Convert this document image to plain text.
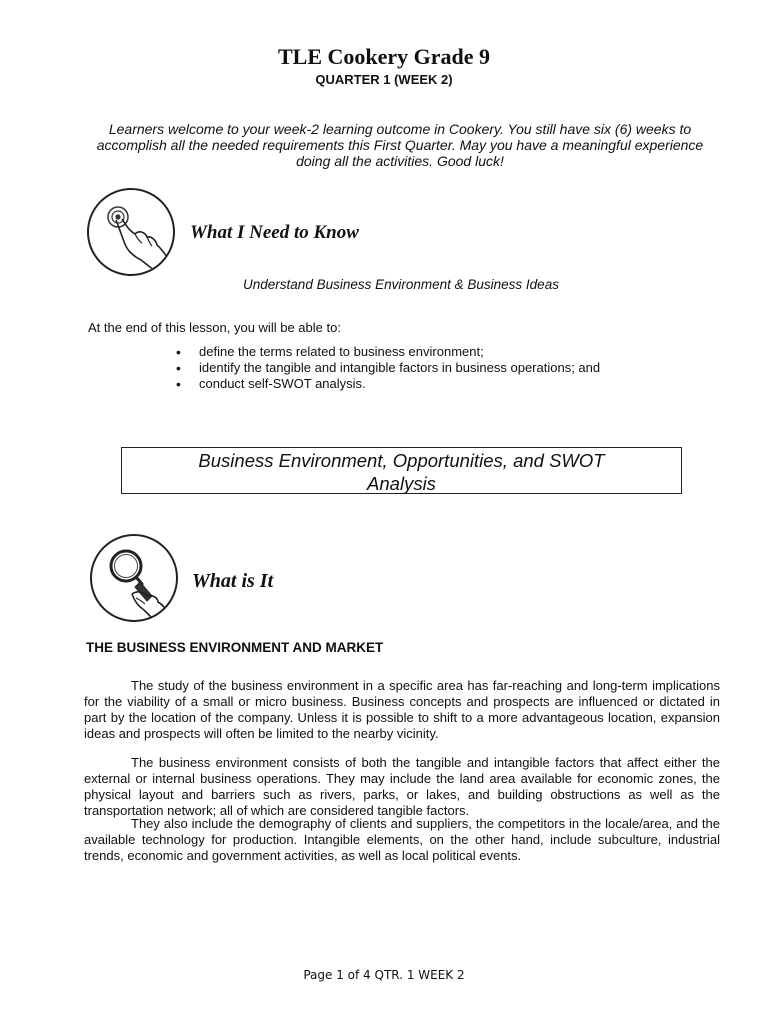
TLE Cookery Grade 9
QUARTER 1 (WEEK 2)
Learners welcome to your week-2 learning outcome in Cookery. You still have six (6) weeks to accomplish all the needed requirements this First Quarter. May you have a meaningful experience doing all the activities. Good luck!
What I Need to Know
Understand Business Environment & Business Ideas
At the end of this lesson, you will be able to:
• define the terms related to business environment;
• identify the tangible and intangible factors in business operations; and
• conduct self-SWOT analysis.
Business Environment, Opportunities, and SWOT
Analysis
What is It
THE BUSINESS ENVIRONMENT AND MARKET
The study of the business environment in a specific area has far-reaching and long-term implications for the viability of a small or micro business. Business concepts and prospects are influenced or dictated in part by the location of the company. Unless it is possible to shift to a more advantageous location, expansion ideas and prospects will often be limited to the nearby vicinity.
The business environment consists of both the tangible and intangible factors that affect either the external or internal business operations. They may include the land area available for economic zones, the physical layout and barriers such as rivers, parks, or lakes, and building obstructions as well as the transportation network; all of which are considered tangible factors.
They also include the demography of clients and suppliers, the competitors in the locale/area, and the available technology for production. Intangible elements, on the other hand, include subculture, industrial trends, economic and government activities, as well as local political events.
Page 1 of 4 QTR. 1 WEEK 2
